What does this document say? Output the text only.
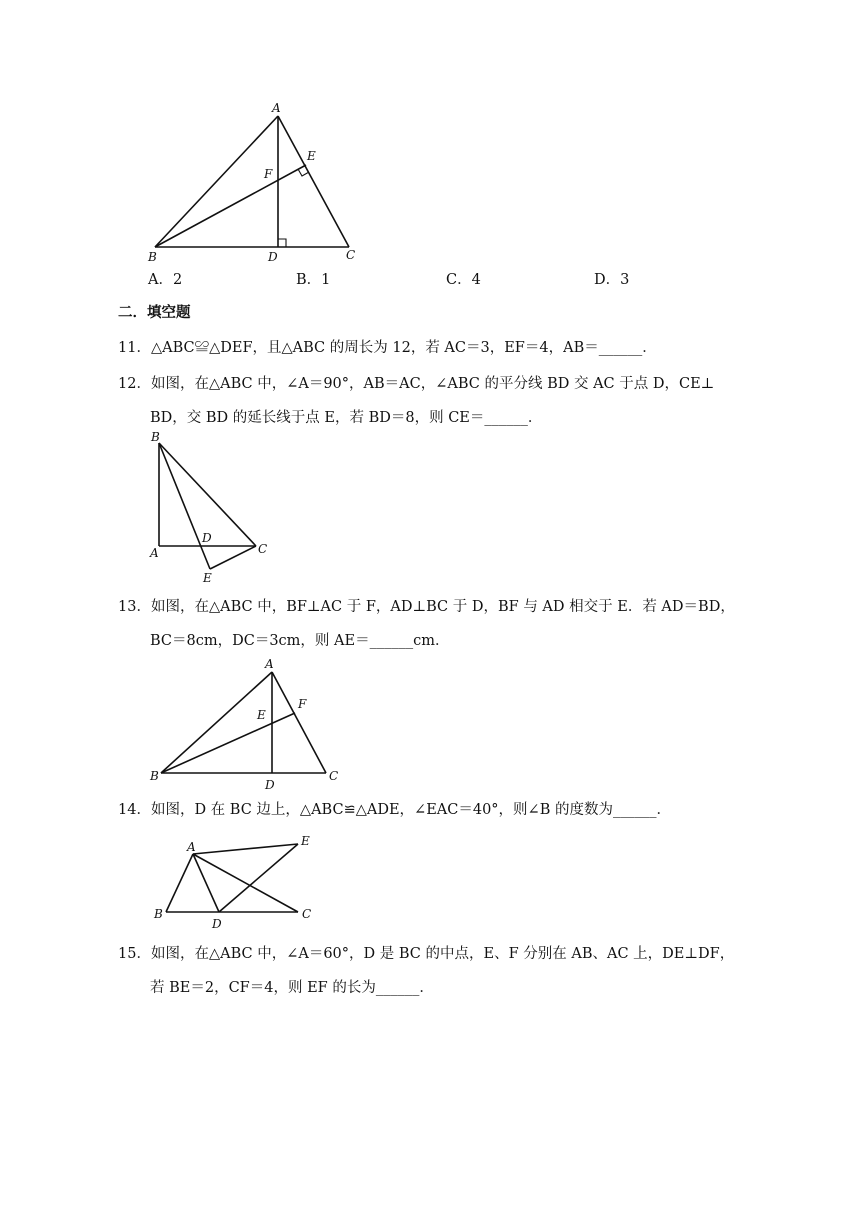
A
E
F
B	D	C
A．2	B．1	C．4	D．3
二．填空题
11．△ABC≌△DEF，且△ABC 的周长为 12，若 AC＝3，EF＝4，AB＝______．
12．如图，在△ABC 中，∠A＝90°，AB＝AC，∠ABC 的平分线 BD 交 AC 于点 D，CE⊥
BD，交 BD 的延长线于点 E，若 BD＝8，则 CE＝______．
B
D
A	C
E
13．如图，在△ABC 中，BF⊥AC 于 F，AD⊥BC 于 D，BF 与 AD 相交于 E．若 AD＝BD，
BC＝8cm，DC＝3cm，则 AE＝______cm．
A
F
E
B
D
C
14．如图，D 在 BC 边上，△ABC≌△ADE，∠EAC＝40°，则∠B 的度数为______．
A	E
B
D
C
15．如图，在△ABC 中，∠A＝60°，D 是 BC 的中点，E、F 分别在 AB、AC 上，DE⊥DF，
若 BE＝2，CF＝4，则 EF 的长为______．
